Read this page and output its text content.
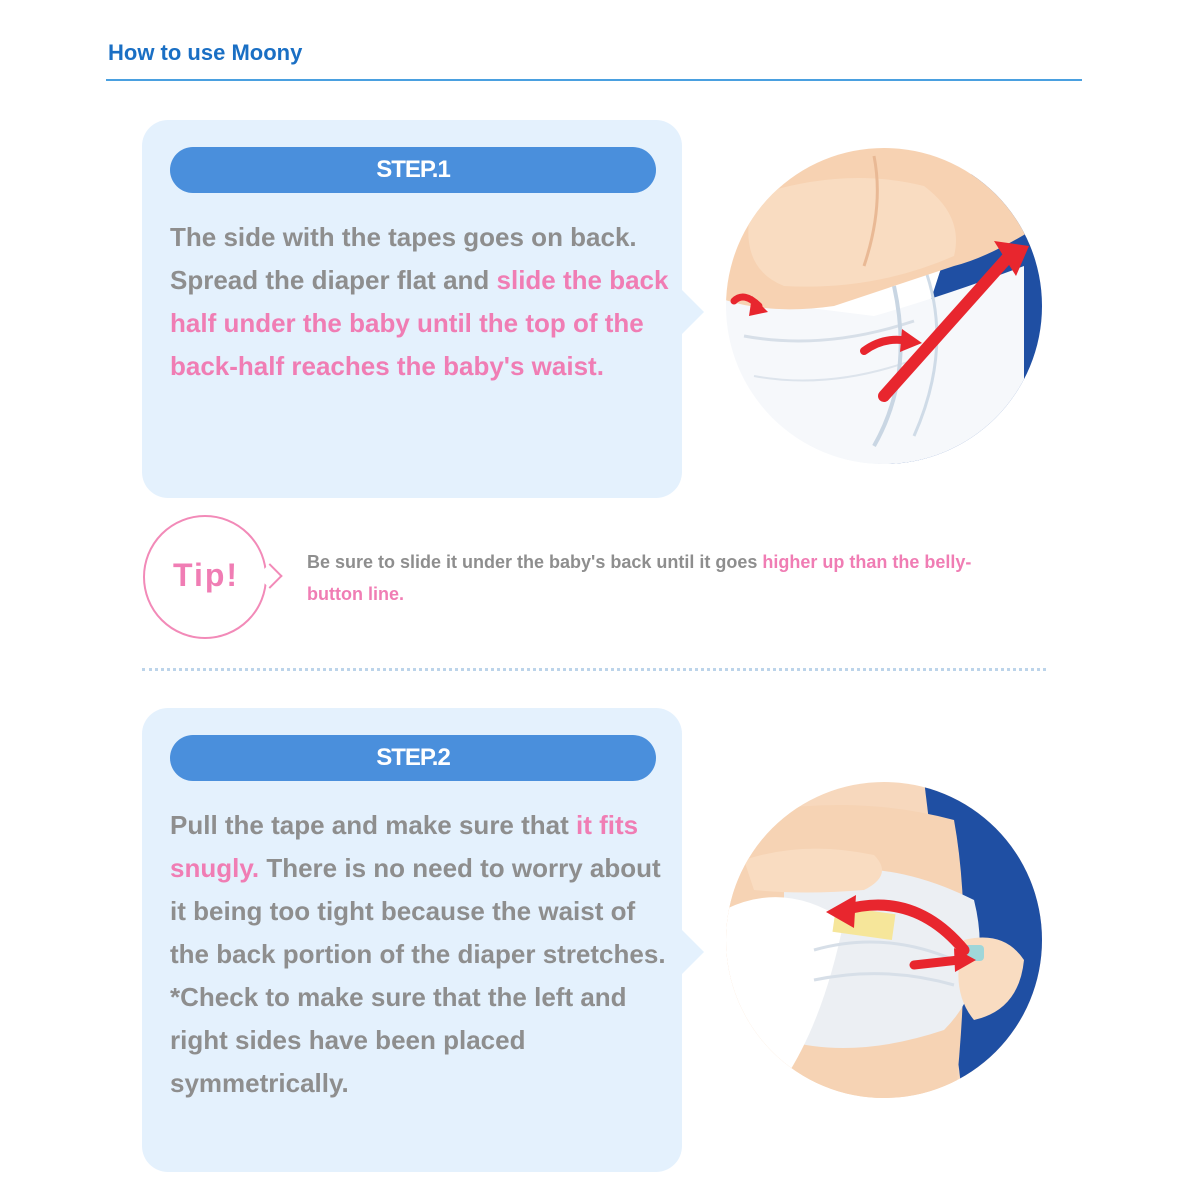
How to use Moony
STEP.1
The side with the tapes goes on back.
Spread the diaper flat and slide the back half under the baby until the top of the back-half reaches the baby's waist.
Tip!	Be sure to slide it under the baby's back until it goes higher up than the belly-button line.
STEP.2
Pull the tape and make sure that it fits snugly. There is no need to worry about it being too tight because the waist of the back portion of the diaper stretches.
*Check to make sure that the left and right sides have been placed symmetrically.
